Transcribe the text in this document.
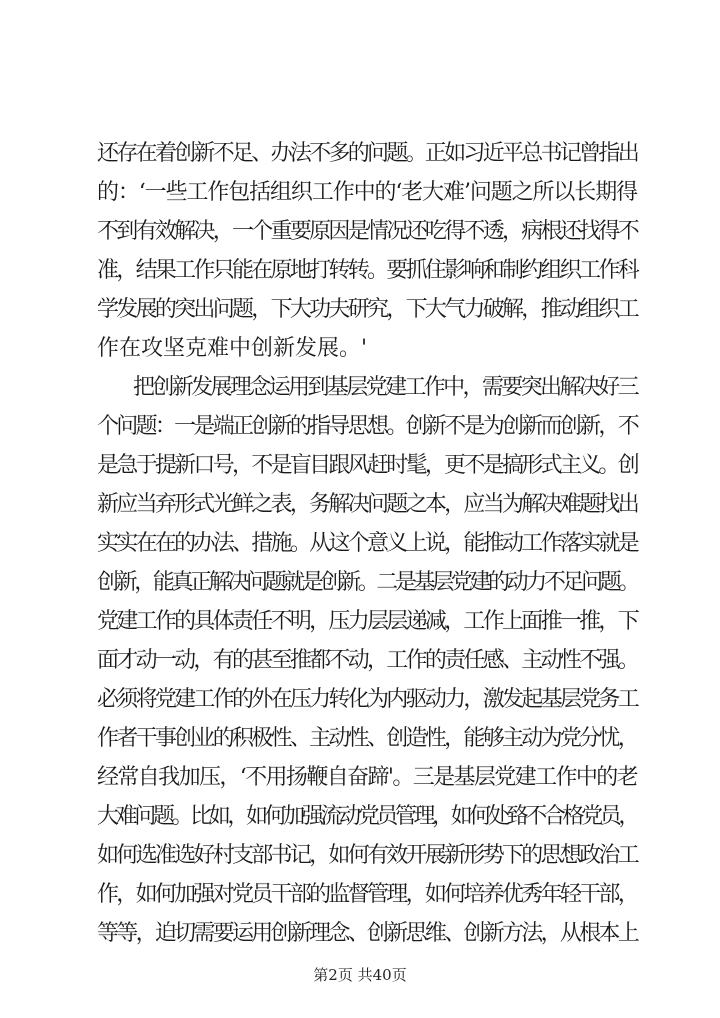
还存在着创新不足、办法不多的问题。正如习近平总书记曾指出
的：‘一些工作包括组织工作中的‘老大难’问题之所以长期得
不到有效解决，一个重要原因是情况还吃得不透，病根还找得不
准，结果工作只能在原地打转转。要抓住影响和制约组织工作科
学发展的突出问题，下大功夫研究，下大气力破解，推动组织工
作在攻坚克难中创新发展。'
把创新发展理念运用到基层党建工作中，需要突出解决好三
个问题：一是端正创新的指导思想。创新不是为创新而创新，不
是急于提新口号，不是盲目跟风赶时髦，更不是搞形式主义。创
新应当弃形式光鲜之表，务解决问题之本，应当为解决难题找出
实实在在的办法、措施。从这个意义上说，能推动工作落实就是
创新，能真正解决问题就是创新。二是基层党建的动力不足问题。
党建工作的具体责任不明，压力层层递减，工作上面推一推，下
面才动一动，有的甚至推都不动，工作的责任感、主动性不强。
必须将党建工作的外在压力转化为内驱动力，激发起基层党务工
作者干事创业的积极性、主动性、创造性，能够主动为党分忧，
经常自我加压，‘不用扬鞭自奋蹄'。三是基层党建工作中的老
大难问题。比如，如何加强流动党员管理，如何处臵不合格党员，
如何选准选好村支部书记，如何有效开展新形势下的思想政治工
作，如何加强对党员干部的监督管理，如何培养优秀年轻干部，
等等，迫切需要运用创新理念、创新思维、创新方法，从根本上
第2页 共40页
